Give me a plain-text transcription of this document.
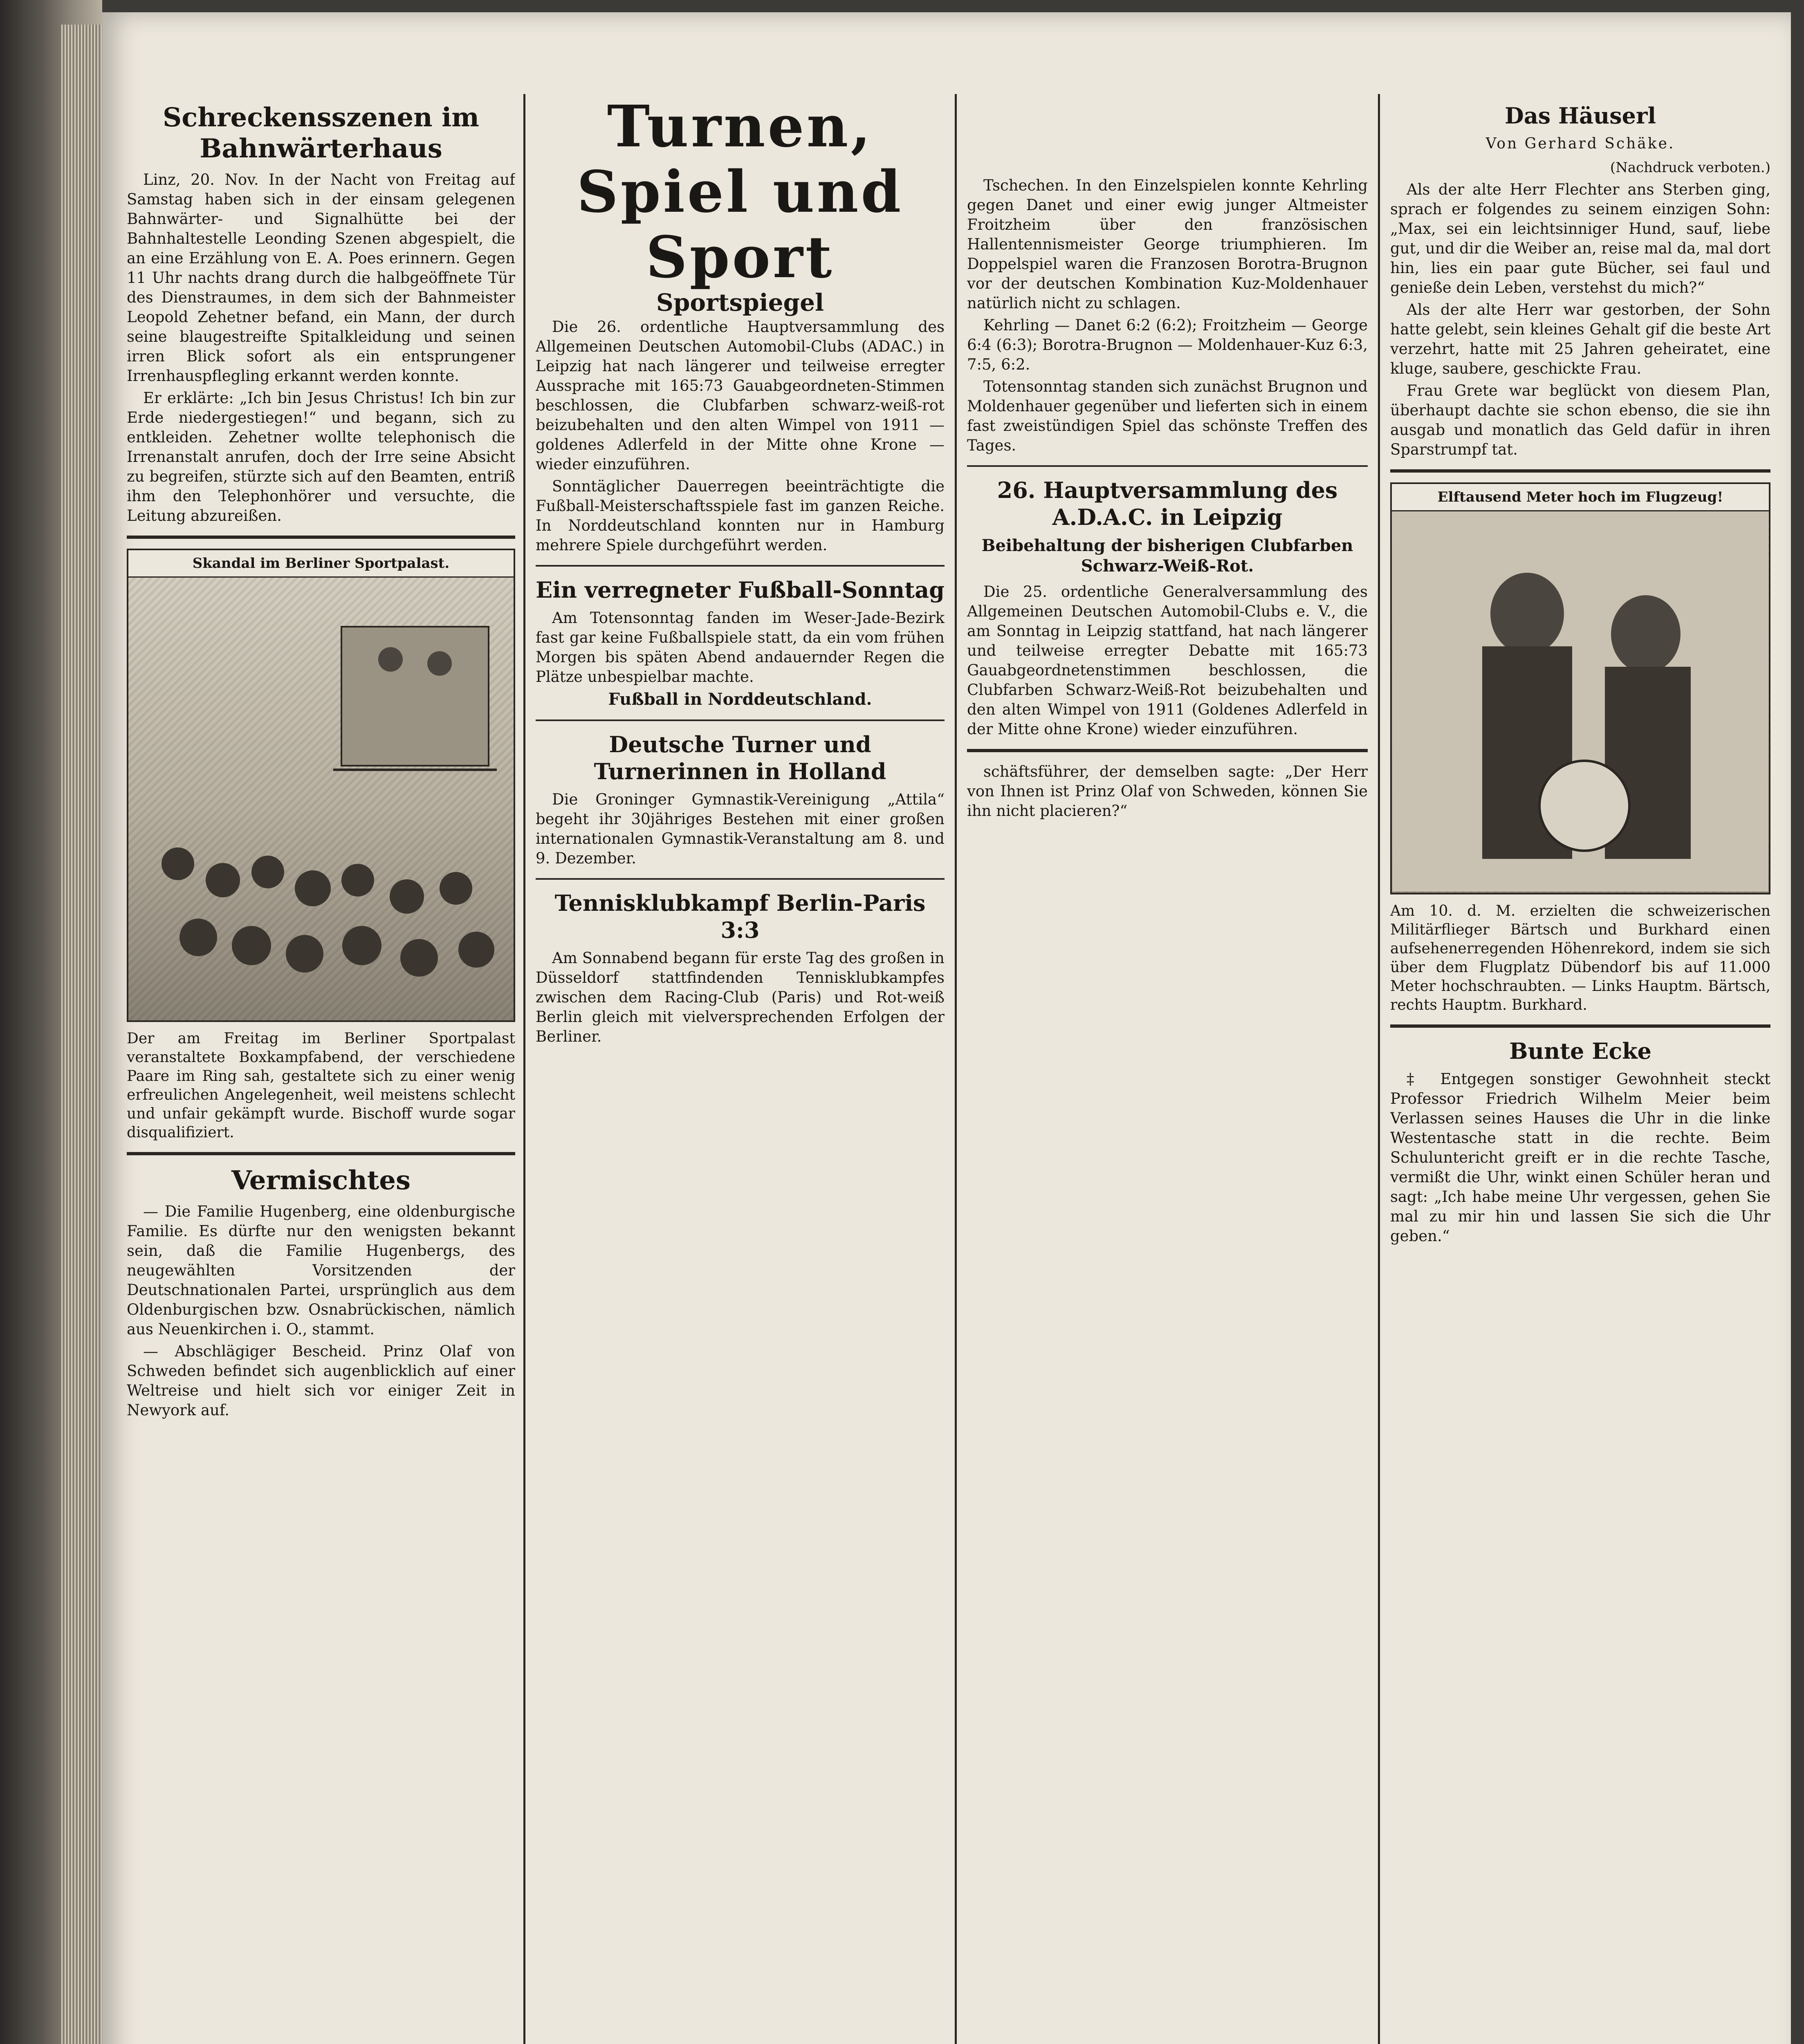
Schreckensszenen im Bahnwärterhaus

Linz, 20. Nov. In der Nacht von Freitag auf Samstag haben sich in der einsam gelegenen Bahnwärter- und Signalhütte bei der Bahnhaltestelle Leonding Szenen abgespielt, die an eine Erzählung von E. A. Poes erinnern. Gegen 11 Uhr nachts drang durch die halbgeöffnete Tür des Dienstraumes, in dem sich der Bahnmeister Leopold Zehetner befand, ein Mann, der durch seine blaugestreifte Spitalkleidung und seinen irren Blick sofort als ein entsprungener Irrenhauspflegling erkannt werden konnte.

Er erklärte: „Ich bin Jesus Christus! Ich bin zur Erde niedergestiegen!“ und begann, sich zu entkleiden. Zehetner wollte telephonisch die Irrenanstalt anrufen, doch der Irre seine Absicht zu begreifen, stürzte sich auf den Beamten, entriß ihm den Telephonhörer und versuchte, die Leitung abzureißen.

Skandal im Berliner Sportpalast.
Der am Freitag im Berliner Sportpalast veranstaltete Boxkampfabend, der verschiedene Paare im Ring sah, gestaltete sich zu einer wenig erfreulichen Angelegenheit, weil meistens schlecht und unfair gekämpft wurde. Bischoff wurde sogar disqualifiziert.
Vermischtes

— Die Familie Hugenberg, eine oldenburgische Familie. Es dürfte nur den wenigsten bekannt sein, daß die Familie Hugenbergs, des neugewählten Vorsitzenden der Deutschnationalen Partei, ursprünglich aus dem Oldenburgischen bzw. Osnabrückischen, nämlich aus Neuenkirchen i. O., stammt.

— Abschlägiger Bescheid. Prinz Olaf von Schweden befindet sich augenblicklich auf einer Weltreise und hielt sich vor einiger Zeit in Newyork auf.

Turnen, Spiel und Sport
Sportspiegel

Die 26. ordentliche Hauptversammlung des Allgemeinen Deutschen Automobil-Clubs (ADAC.) in Leipzig hat nach längerer und teilweise erregter Aussprache mit 165:73 Gauabgeordneten-Stimmen beschlossen, die Clubfarben schwarz-weiß-rot beizubehalten und den alten Wimpel von 1911 — goldenes Adlerfeld in der Mitte ohne Krone — wieder einzuführen.

Sonntäglicher Dauerregen beeinträchtigte die Fußball-Meisterschaftsspiele fast im ganzen Reiche. In Norddeutschland konnten nur in Hamburg mehrere Spiele durchgeführt werden.

Ein verregneter Fußball-Sonntag

Am Totensonntag fanden im Weser-Jade-Bezirk fast gar keine Fußballspiele statt, da ein vom frühen Morgen bis späten Abend andauernder Regen die Plätze unbespielbar machte.

Fußball in Norddeutschland.
Deutsche Turner und Turnerinnen in Holland

Die Groninger Gymnastik-Vereinigung „Attila“ begeht ihr 30jähriges Bestehen mit einer großen internationalen Gymnastik-Veranstaltung am 8. und 9. Dezember.

Tennisklubkampf Berlin-Paris 3:3

Am Sonnabend begann für erste Tag des großen in Düsseldorf stattfindenden Tennisklubkampfes zwischen dem Racing-Club (Paris) und Rot-weiß Berlin gleich mit vielversprechenden Erfolgen der Berliner.

Tschechen. In den Einzelspielen konnte Kehrling gegen Danet und einer ewig junger Altmeister Froitzheim über den französischen Hallentennismeister George triumphieren. Im Doppelspiel waren die Franzosen Borotra-Brugnon vor der deutschen Kombination Kuz-Moldenhauer natürlich nicht zu schlagen.

Kehrling — Danet 6:2 (6:2); Froitzheim — George 6:4 (6:3); Borotra-Brugnon — Moldenhauer-Kuz 6:3, 7:5, 6:2.

Totensonntag standen sich zunächst Brugnon und Moldenhauer gegenüber und lieferten sich in einem fast zweistündigen Spiel das schönste Treffen des Tages.

26. Hauptversammlung des A.D.A.C. in Leipzig
Beibehaltung der bisherigen Clubfarben Schwarz-Weiß-Rot.

Die 25. ordentliche Generalversammlung des Allgemeinen Deutschen Automobil-Clubs e. V., die am Sonntag in Leipzig stattfand, hat nach längerer und teilweise erregter Debatte mit 165:73 Gauabgeordnetenstimmen beschlossen, die Clubfarben Schwarz-Weiß-Rot beizubehalten und den alten Wimpel von 1911 (Goldenes Adlerfeld in der Mitte ohne Krone) wieder einzuführen.

schäftsführer, der demselben sagte: „Der Herr von Ihnen ist Prinz Olaf von Schweden, können Sie ihn nicht placieren?“

Das Häuserl
Von Gerhard Schäke.
(Nachdruck verboten.)

Als der alte Herr Flechter ans Sterben ging, sprach er folgendes zu seinem einzigen Sohn: „Max, sei ein leichtsinniger Hund, sauf, liebe gut, und dir die Weiber an, reise mal da, mal dort hin, lies ein paar gute Bücher, sei faul und genieße dein Leben, verstehst du mich?“

Als der alte Herr war gestorben, der Sohn hatte gelebt, sein kleines Gehalt gif die beste Art verzehrt, hatte mit 25 Jahren geheiratet, eine kluge, saubere, geschickte Frau.

Frau Grete war beglückt von diesem Plan, überhaupt dachte sie schon ebenso, die sie ihn ausgab und monatlich das Geld dafür in ihren Sparstrumpf tat.

Elftausend Meter hoch im Flugzeug!
Am 10. d. M. erzielten die schweizerischen Militärflieger Bärtsch und Burkhard einen aufsehenerregenden Höhenrekord, indem sie sich über dem Flugplatz Dübendorf bis auf 11.000 Meter hochschraubten. — Links Hauptm. Bärtsch, rechts Hauptm. Burkhard.
Bunte Ecke

‡ Entgegen sonstiger Gewohnheit steckt Professor Friedrich Wilhelm Meier beim Verlassen seines Hauses die Uhr in die linke Westentasche statt in die rechte. Beim Schuluntericht greift er in die rechte Tasche, vermißt die Uhr, winkt einen Schüler heran und sagt: „Ich habe meine Uhr vergessen, gehen Sie mal zu mir hin und lassen Sie sich die Uhr geben.“
